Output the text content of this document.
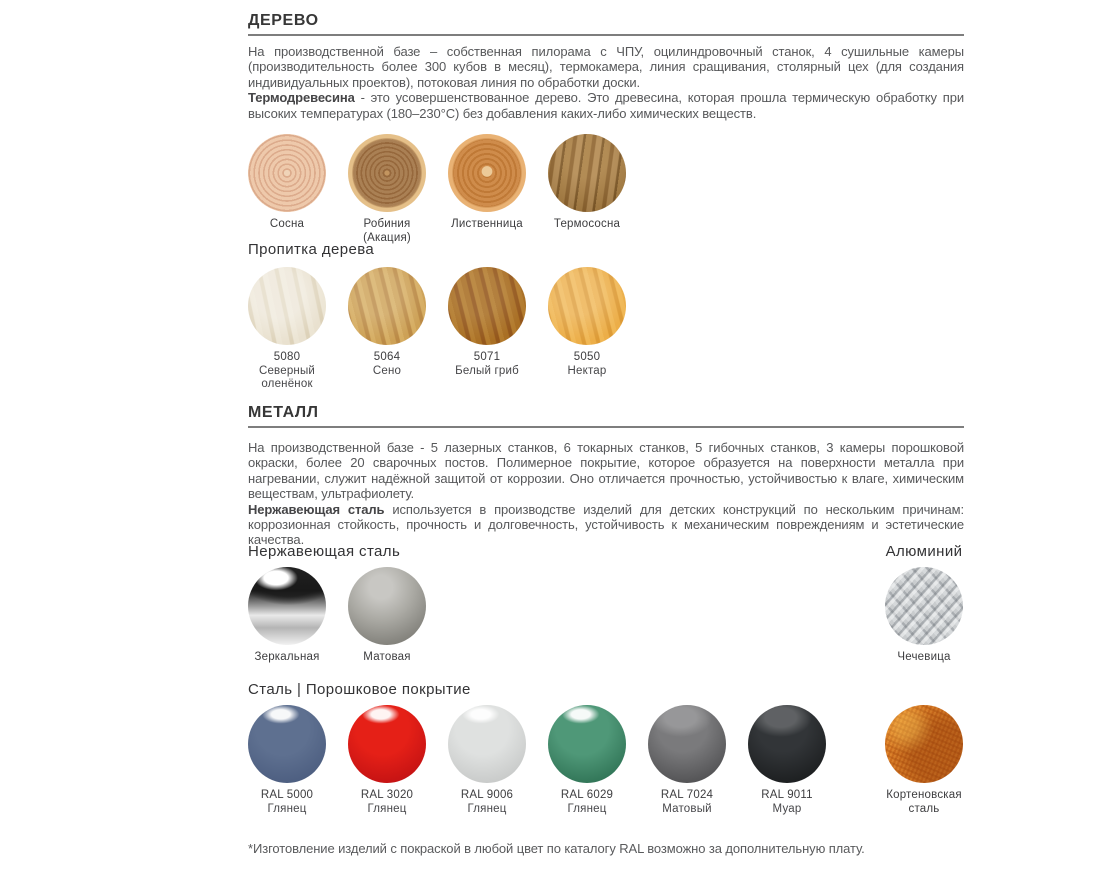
ДЕРЕВО

На производственной базе – собственная пилорама с ЧПУ, оцилиндровочный станок, 4 сушильные камеры (производительность более 300 кубов в месяц), термокамера, линия сращивания, столярный цех (для создания индивидуальных проектов), потоковая линия по обработки доски.

Термодревесина - это усовершенствованное дерево. Это древесина, которая прошла термическую обработку при высоких температурах (180–230°C) без добавления каких-либо химических веществ.

Сосна	Робиния (Акация)
Лиственница	Термососна
Пропитка дерева
5080
Северный оленёнок
5064
Сено
5071
Белый гриб
5050
Нектар
МЕТАЛЛ

На производственной базе - 5 лазерных станков, 6 токарных станков, 5 гибочных станков, 3 камеры порошковой окраски, более 20 сварочных постов. Полимерное покрытие, которое образуется на поверхности металла при нагревании, служит надёжной защитой от коррозии. Оно отличается прочностью, устойчивостью к влаге, химическим веществам, ультрафиолету.

Нержавеющая сталь используется в производстве изделий для детских конструкций по нескольким причинам: коррозионная стойкость, прочность и долговечность, устойчивость к механическим повреждениям и эстетические качества.

Нержавеющая сталь	Алюминий
Зеркальная	Матовая	Чечевица
Сталь | Порошковое покрытие
RAL 5000
Глянец
RAL 3020
Глянец
RAL 9006
Глянец
RAL 6029
Глянец
RAL 7024
Матовый
RAL 9011
Муар
Кортеновская сталь
*Изготовление изделий с покраской в любой цвет по каталогу RAL возможно за дополнительную плату.
